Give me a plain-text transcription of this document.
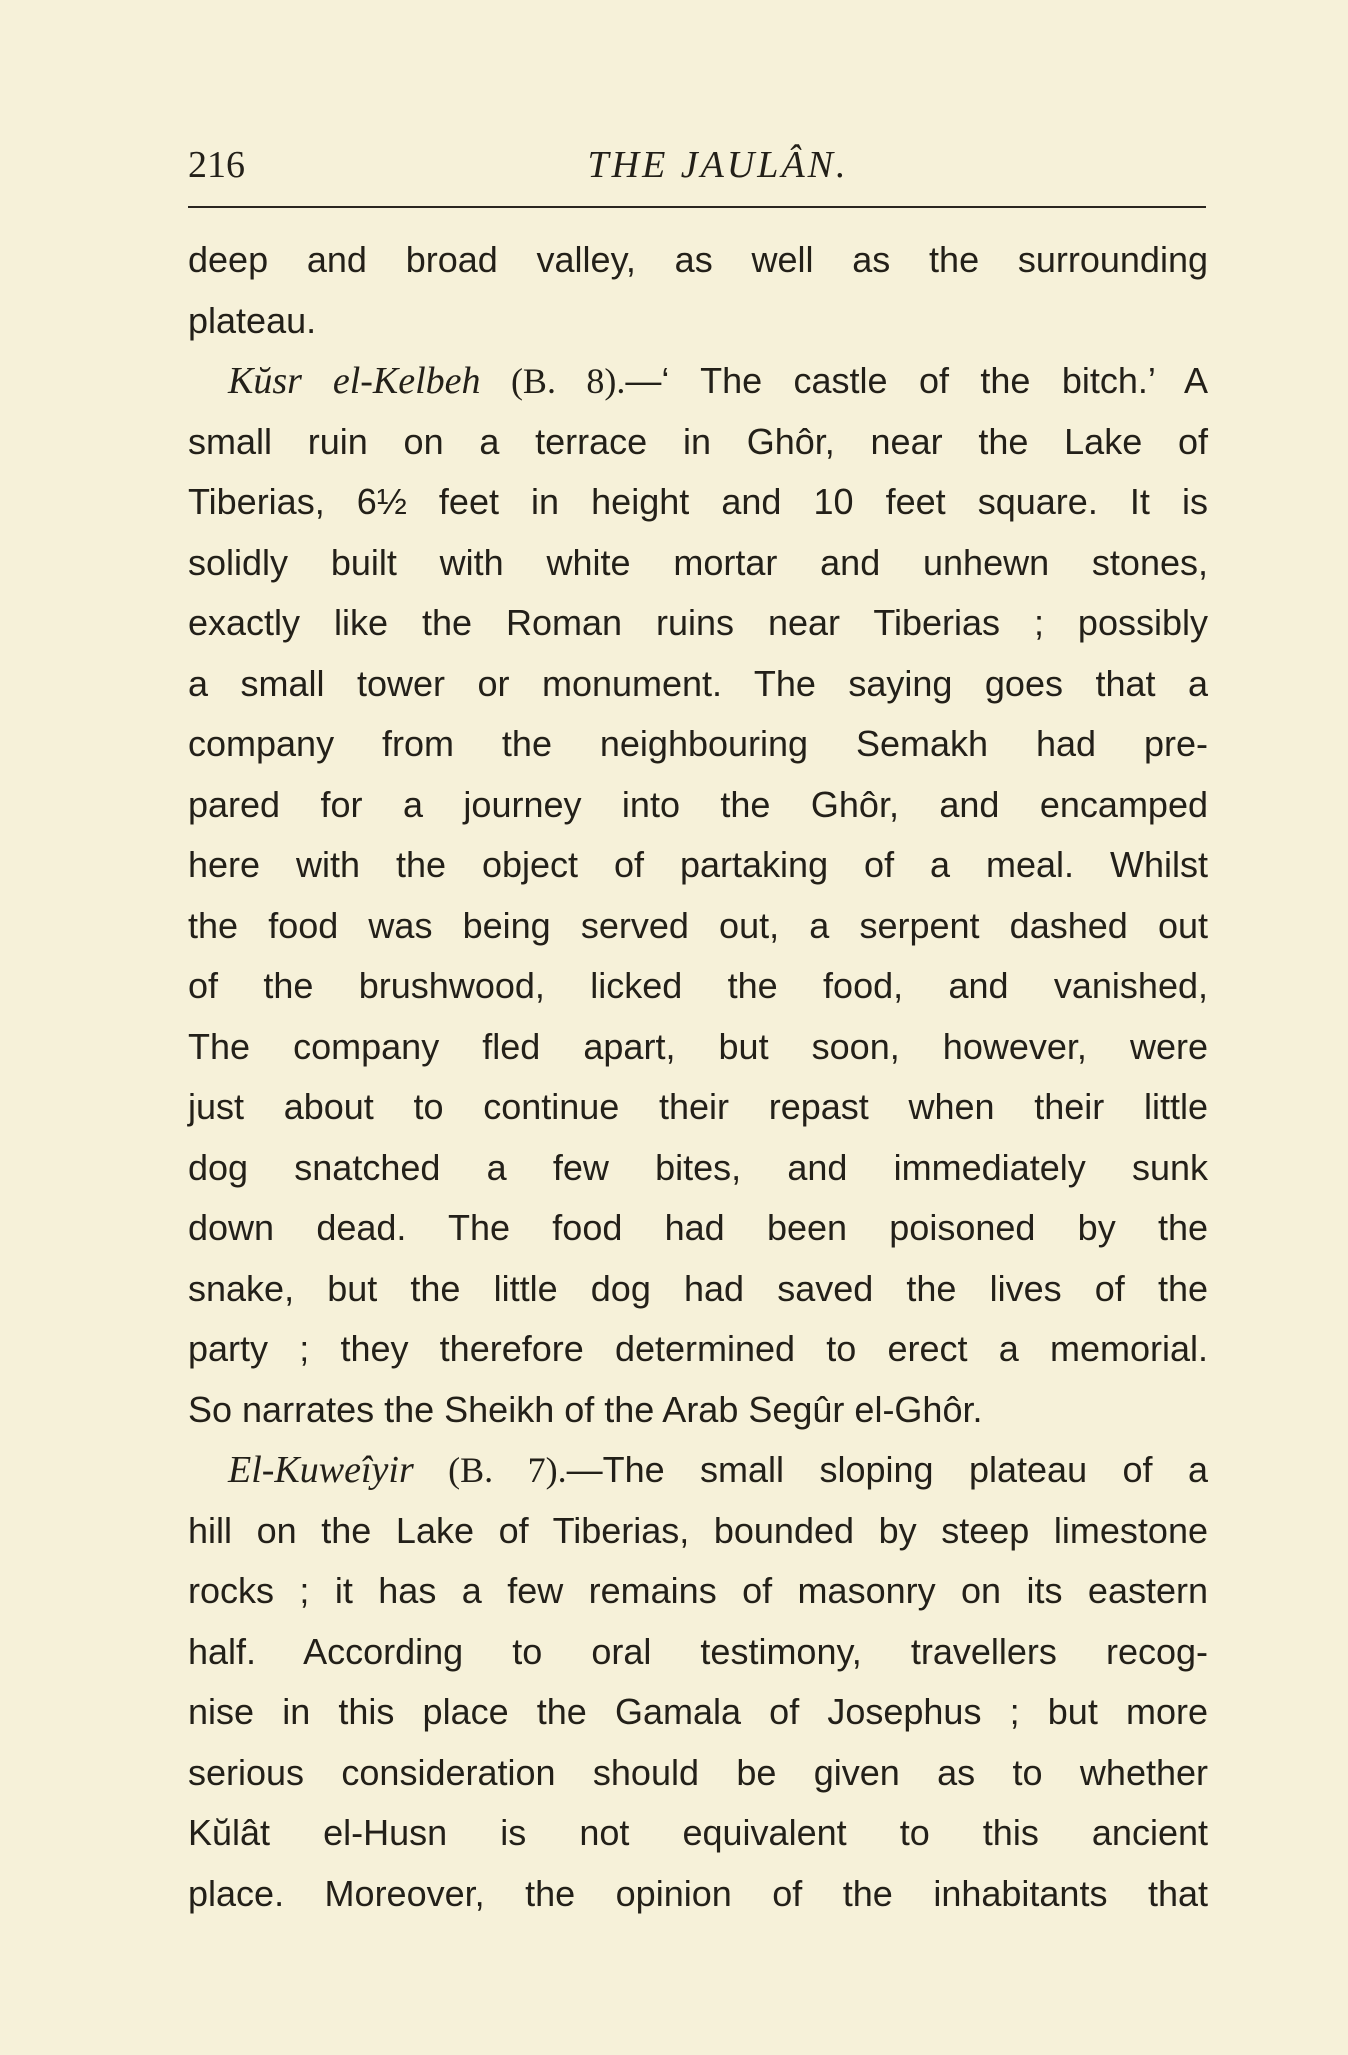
216	THE JAULÂN.

deep and broad valley, as well as the surrounding
plateau.

Kŭsr el-Kelbeh (B. 8).—‘ The castle of the bitch.’ A
small ruin on a terrace in Ghôr, near the Lake of
Tiberias, 6½ feet in height and 10 feet square. It is
solidly built with white mortar and unhewn stones,
exactly like the Roman ruins near Tiberias ; possibly
a small tower or monument. The saying goes that a
company from the neighbouring Semakh had pre-
pared for a journey into the Ghôr, and encamped
here with the object of partaking of a meal. Whilst
the food was being served out, a serpent dashed out
of the brushwood, licked the food, and vanished,
The company fled apart, but soon, however, were
just about to continue their repast when their little
dog snatched a few bites, and immediately sunk
down dead. The food had been poisoned by the
snake, but the little dog had saved the lives of the
party ; they therefore determined to erect a memorial.
So narrates the Sheikh of the Arab Segûr el-Ghôr.

El-Kuweîyir (B. 7).—The small sloping plateau of a
hill on the Lake of Tiberias, bounded by steep limestone
rocks ; it has a few remains of masonry on its eastern
half. According to oral testimony, travellers recog-
nise in this place the Gamala of Josephus ; but more
serious consideration should be given as to whether
Kŭlât el-Husn is not equivalent to this ancient
place. Moreover, the opinion of the inhabitants that
